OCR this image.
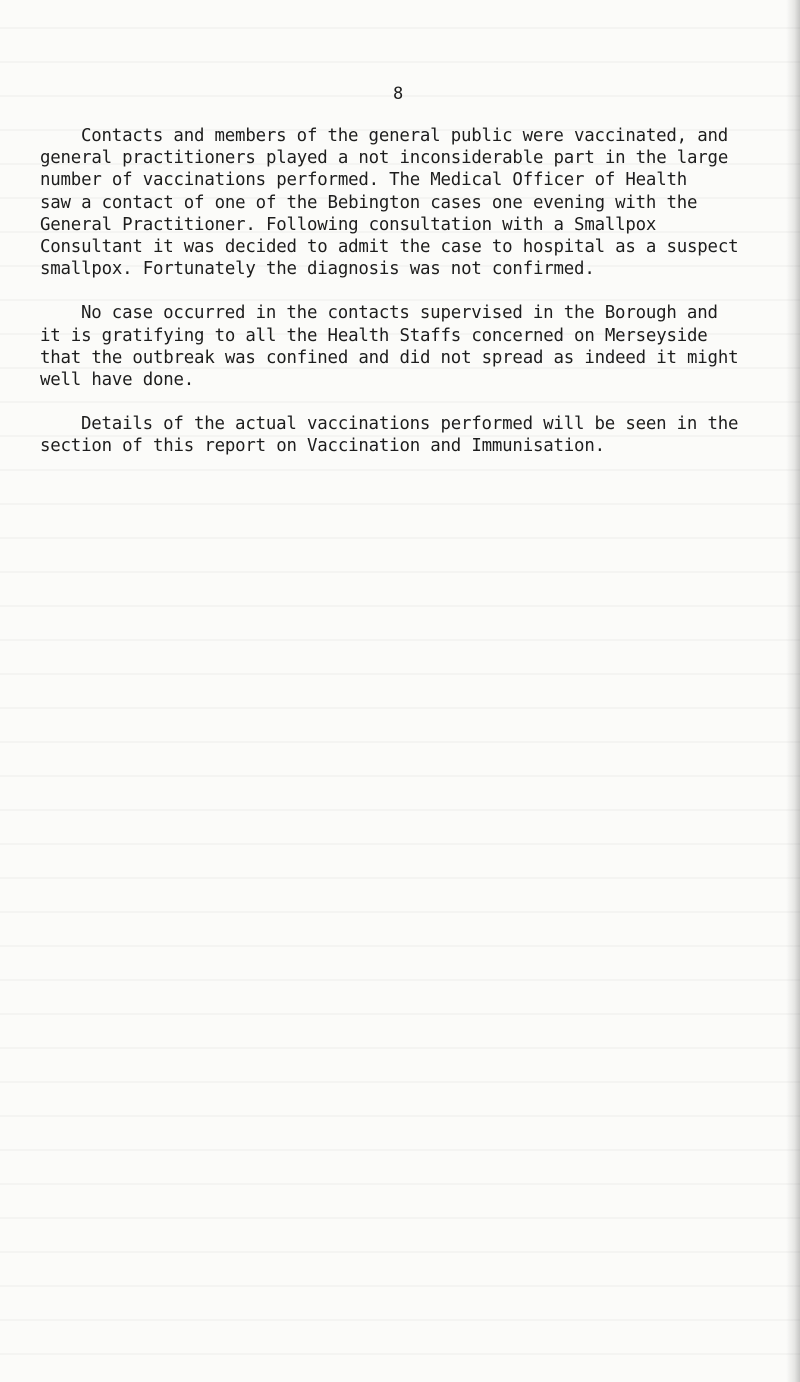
8
Contacts and members of the general public were vaccinated, and
general practitioners played a not inconsiderable part in the large
number of vaccinations performed. The Medical Officer of Health
saw a contact of one of the Bebington cases one evening with the
General Practitioner. Following consultation with a Smallpox
Consultant it was decided to admit the case to hospital as a suspect
smallpox. Fortunately the diagnosis was not confirmed.
No case occurred in the contacts supervised in the Borough and
it is gratifying to all the Health Staffs concerned on Merseyside
that the outbreak was confined and did not spread as indeed it might
well have done.
Details of the actual vaccinations performed will be seen in the
section of this report on Vaccination and Immunisation.
